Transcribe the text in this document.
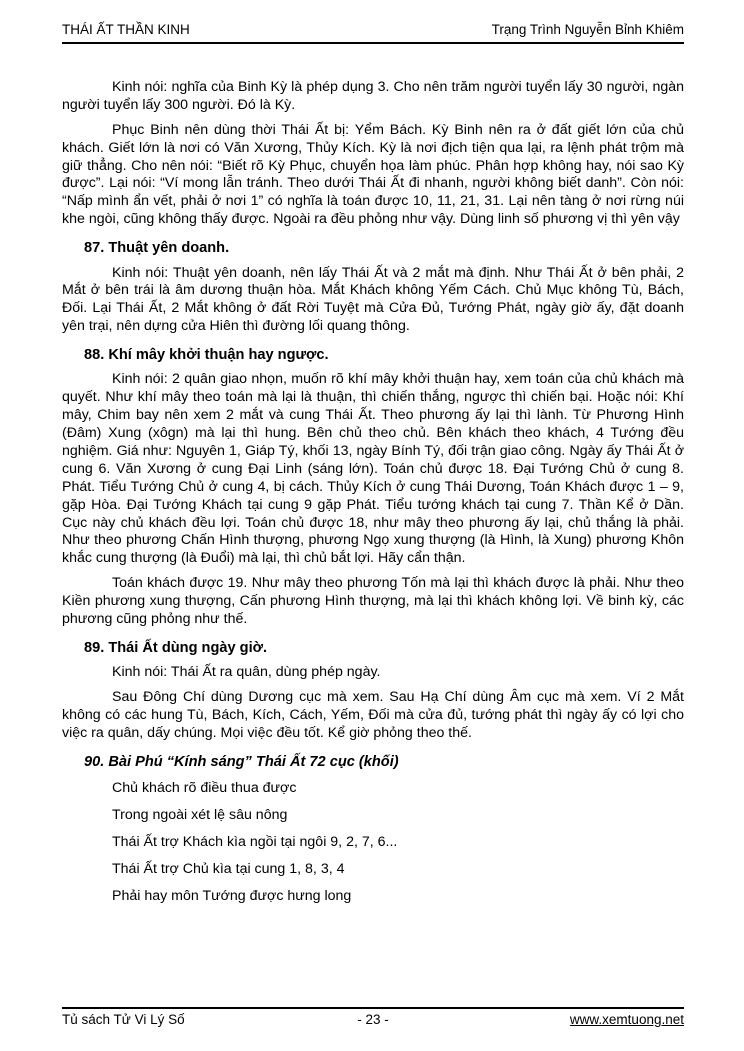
THÁI ẤT THẦN KINH	Trạng Trình Nguyễn Bỉnh Khiêm

Kinh nói: nghĩa của Binh Kỳ là phép dụng 3. Cho nên trăm người tuyển lấy 30 người, ngàn người tuyển lấy 300 người. Đó là Kỳ.

Phục Binh nên dùng thời Thái Ất bị: Yểm Bách. Kỳ Binh nên ra ở đất giết lớn của chủ khách. Giết lớn là nơi có Văn Xương, Thủy Kích. Kỳ là nơi địch tiện qua lại, ra lệnh phát trộm mà giữ thẳng. Cho nên nói: “Biết rõ Kỳ Phục, chuyển họa làm phúc. Phân hợp không hay, nói sao Kỳ được”. Lại nói: “Ví mong lẫn tránh. Theo dưới Thái Ất đi nhanh, người không biết danh”. Còn nói: “Nấp mình ẩn vết, phải ở nơi 1” có nghĩa là toán được 10, 11, 21, 31. Lại nên tàng ở nơi rừng núi khe ngòi, cũng không thấy được. Ngoài ra đều phỏng như vậy. Dùng linh số phương vị thì yên vậy

87. Thuật yên doanh.

Kinh nói: Thuật yên doanh, nên lấy Thái Ất và 2 mắt mà định. Như Thái Ất ở bên phải, 2 Mắt ở bên trái là âm dương thuận hòa. Mắt Khách không Yếm Cách. Chủ Mục không Tù, Bách, Đối. Lại Thái Ất, 2 Mắt không ở đất Rời Tuyệt mà Cửa Đủ, Tướng Phát, ngày giờ ấy, đặt doanh yên trại, nên dựng cửa Hiên thì đường lối quang thông.

88. Khí mây khởi thuận hay ngược.

Kinh nói: 2 quân giao nhọn, muốn rõ khí mây khởi thuận hay, xem toán của chủ khách mà quyết. Như khí mây theo toán mà lại là thuận, thì chiến thắng, ngược thì chiến bại. Hoặc nói: Khí mây, Chim bay nên xem 2 mắt và cung Thái Ất. Theo phương ấy lại thì lành. Từ Phương Hình (Đâm) Xung (xôgn) mà lại thì hung. Bên chủ theo chủ. Bên khách theo khách, 4 Tướng đều nghiệm. Giá như: Nguyên 1, Giáp Tý, khối 13, ngày Bính Tý, đối trận giao công. Ngày ấy Thái Ất ở cung 6. Văn Xương ở cung Đại Linh (sáng lớn). Toán chủ được 18. Đại Tướng Chủ ở cung 8. Phát. Tiểu Tướng Chủ ở cung 4, bị cách. Thủy Kích ở cung Thái Dương, Toán Khách được 1 – 9, gặp Hòa. Đại Tướng Khách tại cung 9 gặp Phát. Tiểu tướng khách tại cung 7. Thần Kể ở Dần. Cục này chủ khách đều lợi. Toán chủ được 18, như mây theo phương ấy lại, chủ thắng là phải. Như theo phương Chấn Hình thượng, phương Ngọ xung thượng (là Hình, là Xung) phương Khôn khắc cung thượng (là Đuổi) mà lại, thì chủ bắt lợi. Hãy cẩn thận.

Toán khách được 19. Như mây theo phương Tốn mà lại thì khách được là phải. Như theo Kiền phương xung thượng, Cấn phương Hình thượng, mà lại thì khách không lợi. Về binh kỳ, các phương cũng phỏng như thế.

89. Thái Ất dùng ngày giờ.

Kinh nói: Thái Ất ra quân, dùng phép ngày.

Sau Đông Chí dùng Dương cục mà xem. Sau Hạ Chí dùng Âm cục mà xem. Ví 2 Mắt không có các hung Tù, Bách, Kích, Cách, Yếm, Đối mà cửa đủ, tướng phát thì ngày ấy có lợi cho việc ra quân, dấy chúng. Mọi việc đều tốt. Kể giờ phỏng theo thế.

90. Bài Phú “Kính sáng” Thái Ất 72 cục (khối)
Chủ khách rõ điều thua được
Trong ngoài xét lệ sâu nông
Thái Ất trợ Khách kìa ngồi tại ngôi 9, 2, 7, 6...
Thái Ất trợ Chủ kìa tại cung 1, 8, 3, 4
Phải hay môn Tướng được hưng long
Tủ sách Tử Vi Lý Số	- 23 -	www.xemtuong.net
